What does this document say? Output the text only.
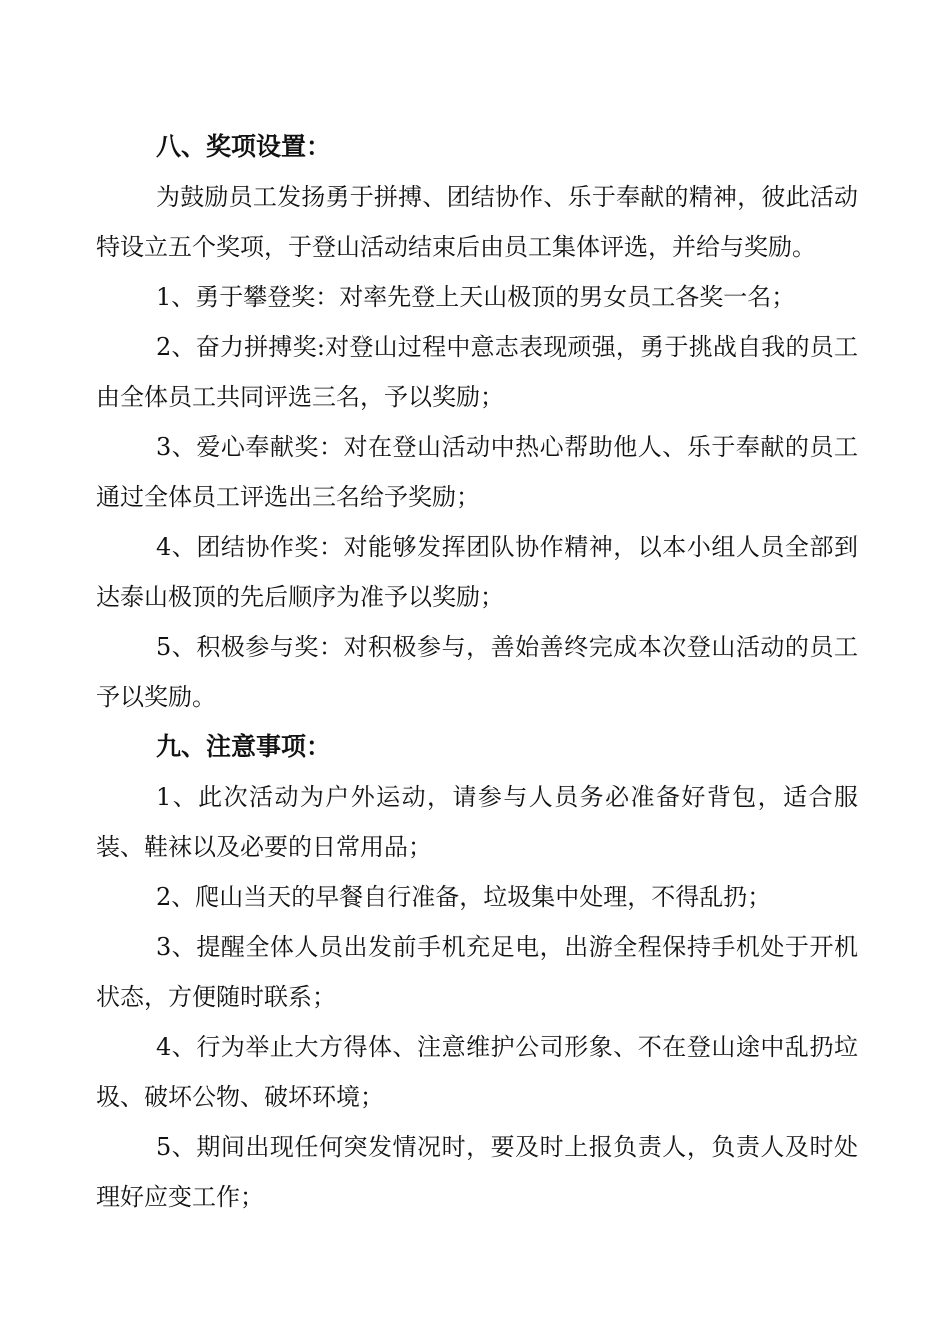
八、奖项设置：

为鼓励员工发扬勇于拼搏、团结协作、乐于奉献的精神，彼此活动特设立五个奖项，于登山活动结束后由员工集体评选，并给与奖励。

1、勇于攀登奖：对率先登上天山极顶的男女员工各奖一名；

2、奋力拼搏奖:对登山过程中意志表现顽强，勇于挑战自我的员工由全体员工共同评选三名，予以奖励；

3、爱心奉献奖：对在登山活动中热心帮助他人、乐于奉献的员工通过全体员工评选出三名给予奖励；

4、团结协作奖：对能够发挥团队协作精神，以本小组人员全部到达泰山极顶的先后顺序为准予以奖励；

5、积极参与奖：对积极参与，善始善终完成本次登山活动的员工予以奖励。

九、注意事项：

1、此次活动为户外运动，请参与人员务必准备好背包，适合服装、鞋袜以及必要的日常用品；

2、爬山当天的早餐自行准备，垃圾集中处理，不得乱扔；

3、提醒全体人员出发前手机充足电，出游全程保持手机处于开机状态，方便随时联系；

4、行为举止大方得体、注意维护公司形象、不在登山途中乱扔垃圾、破坏公物、破坏环境；

5、期间出现任何突发情况时，要及时上报负责人，负责人及时处理好应变工作；
